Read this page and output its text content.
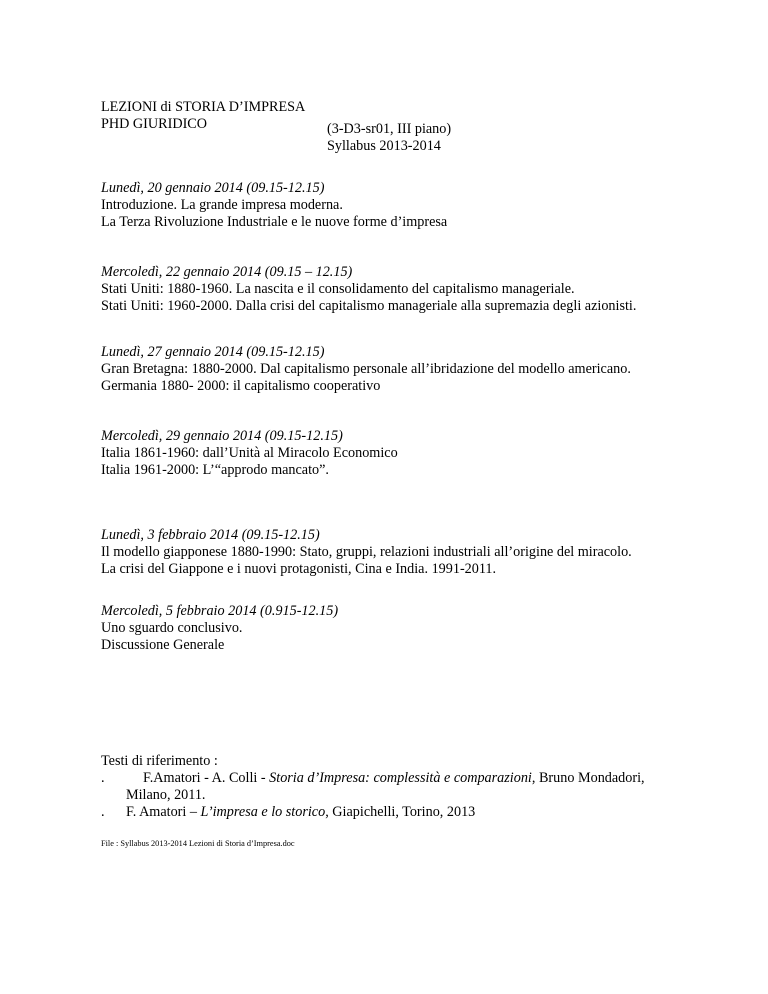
LEZIONI di STORIA D’IMPRESA
PHD GIURIDICO	(3-D3-sr01, III piano)
Syllabus 2013-2014
Lunedì, 20 gennaio 2014 (09.15-12.15)
Introduzione. La grande impresa moderna.
La Terza Rivoluzione Industriale e le nuove forme d’impresa
Mercoledì, 22 gennaio 2014 (09.15 – 12.15)
Stati Uniti: 1880-1960. La nascita e il consolidamento del capitalismo manageriale.
Stati Uniti: 1960-2000. Dalla crisi del capitalismo manageriale alla supremazia degli azionisti.
Lunedì, 27 gennaio 2014 (09.15-12.15)
Gran Bretagna: 1880-2000. Dal capitalismo personale all’ibridazione del modello americano.
Germania 1880- 2000: il capitalismo cooperativo
Mercoledì, 29 gennaio 2014 (09.15-12.15)
Italia 1861-1960: dall’Unità al Miracolo Economico
Italia 1961-2000: L’“approdo mancato”.
Lunedì, 3 febbraio 2014 (09.15-12.15)
Il modello giapponese 1880-1990: Stato, gruppi, relazioni industriali all’origine del miracolo.
La crisi del Giappone e i nuovi protagonisti, Cina e India. 1991-2011.
Mercoledì, 5 febbraio 2014 (0.915-12.15)
Uno sguardo conclusivo.
Discussione Generale
Testi di riferimento :
.	F.Amatori - A. Colli - Storia d’Impresa: complessità e comparazioni, Bruno Mondadori,
Milano, 2011.
. F. Amatori – L’impresa e lo storico, Giapichelli, Torino, 2013
File : Syllabus 2013-2014 Lezioni di Storia d’Impresa.doc
